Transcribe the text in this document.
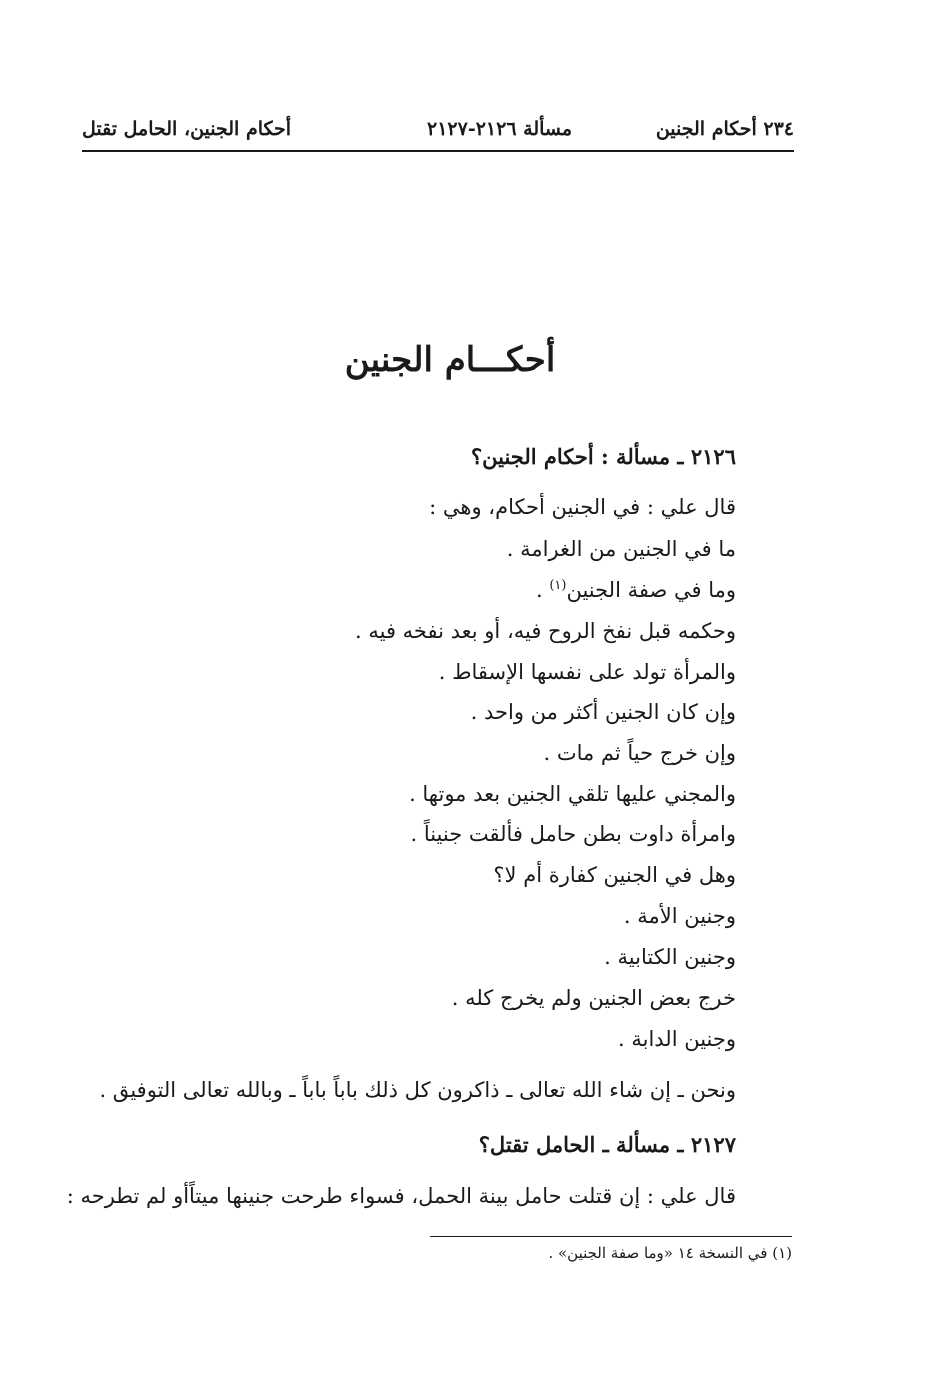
٢٣٤ أحكام الجنين
مسألة ٢١٢٦-٢١٢٧
أحكام الجنين، الحامل تقتل
أحكـــام الجنين
٢١٢٦ ـ مسألة : أحكام الجنين؟
قال علي : في الجنين أحكام، وهي :
ما في الجنين من الغرامة .
وما في صفة الجنين$^{(١)}$ .
وحكمه قبل نفخ الروح فيه، أو بعد نفخه فيه .
والمرأة تولد على نفسها الإسقاط .
وإن كان الجنين أكثر من واحد .
وإن خرج حياً ثم مات .
والمجني عليها تلقي الجنين بعد موتها .
وامرأة داوت بطن حامل فألقت جنيناً .
وهل في الجنين كفارة أم لا؟
وجنين الأمة .
وجنين الكتابية .
خرج بعض الجنين ولم يخرج كله .
وجنين الدابة .
ونحن ـ إن شاء الله تعالى ـ ذاكرون كل ذلك باباً باباً ـ وبالله تعالى التوفيق .
٢١٢٧ ـ مسألة ـ الحامل تقتل؟
قال علي : إن قتلت حامل بينة الحمل، فسواء طرحت جنينها ميتاًأو لم تطرحه :
(١) في النسخة ١٤ «وما صفة الجنين» .
